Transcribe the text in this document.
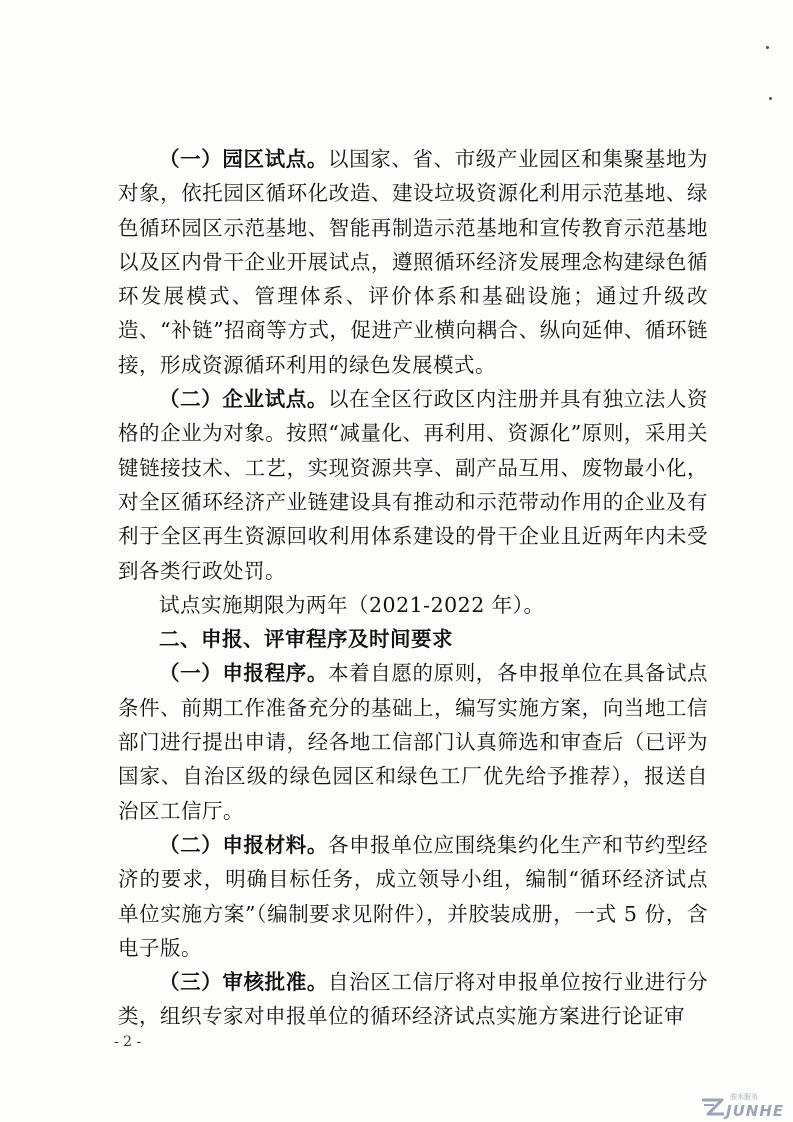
（一）园区试点。以国家、省、市级产业园区和集聚基地为对象，依托园区循环化改造、建设垃圾资源化利用示范基地、绿色循环园区示范基地、智能再制造示范基地和宣传教育示范基地以及区内骨干企业开展试点，遵照循环经济发展理念构建绿色循环发展模式、管理体系、评价体系和基础设施；通过升级改造、“补链”招商等方式，促进产业横向耦合、纵向延伸、循环链接，形成资源循环利用的绿色发展模式。

（二）企业试点。以在全区行政区内注册并具有独立法人资格的企业为对象。按照“减量化、再利用、资源化”原则，采用关键链接技术、工艺，实现资源共享、副产品互用、废物最小化，对全区循环经济产业链建设具有推动和示范带动作用的企业及有利于全区再生资源回收利用体系建设的骨干企业且近两年内未受到各类行政处罚。

试点实施期限为两年（2021-2022 年）。

二、申报、评审程序及时间要求

（一）申报程序。本着自愿的原则，各申报单位在具备试点条件、前期工作准备充分的基础上，编写实施方案，向当地工信部门进行提出申请，经各地工信部门认真筛选和审查后（已评为国家、自治区级的绿色园区和绿色工厂优先给予推荐），报送自治区工信厅。

（二）申报材料。各申报单位应围绕集约化生产和节约型经济的要求，明确目标任务，成立领导小组，编制“循环经济试点单位实施方案”（编制要求见附件），并胶装成册，一式 5 份，含电子版。

（三）审核批准。自治区工信厅将对申报单位按行业进行分类，组织专家对申报单位的循环经济试点实施方案进行论证审

- 2 -
骏禾服务
JUNHE
